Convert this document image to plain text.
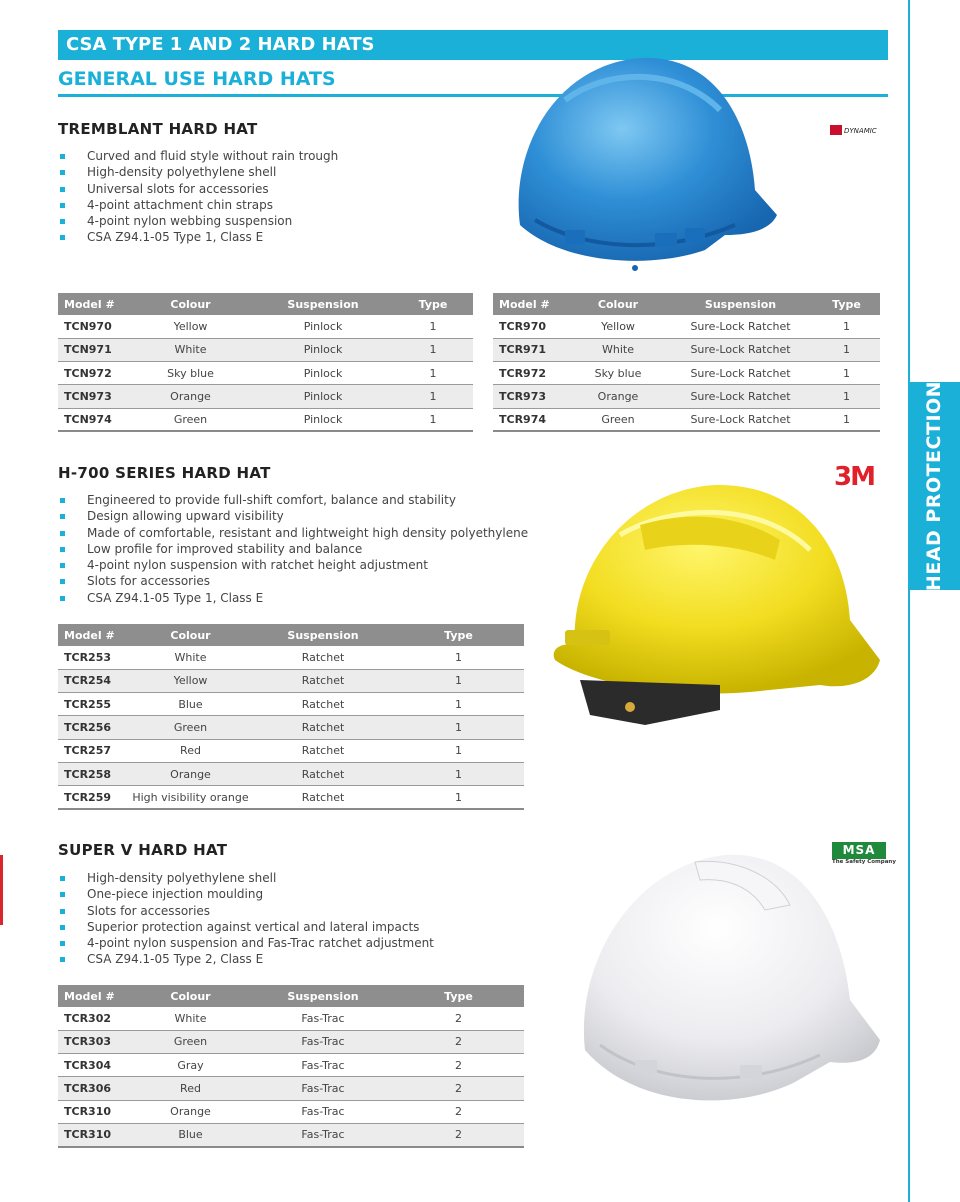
HEAD PROTECTION
CSA TYPE 1 AND 2 HARD HATS
GENERAL USE HARD HATS
TREMBLANT HARD HAT
Curved and fluid style without rain trough
High-density polyethylene shell
Universal slots for accessories
4-point attachment chin straps
4-point nylon webbing suspension
CSA Z94.1-05 Type 1, Class E
DYNAMIC
Model #	Colour	Suspension	Type
TCN970	Yellow	Pinlock	1
TCN971	White	Pinlock	1
TCN972	Sky blue	Pinlock	1
TCN973	Orange	Pinlock	1
TCN974	Green	Pinlock	1
Model #	Colour	Suspension	Type
TCR970	Yellow	Sure-Lock Ratchet	1
TCR971	White	Sure-Lock Ratchet	1
TCR972	Sky blue	Sure-Lock Ratchet	1
TCR973	Orange	Sure-Lock Ratchet	1
TCR974	Green	Sure-Lock Ratchet	1
H-700 SERIES HARD HAT	3M
Engineered to provide full-shift comfort, balance and stability
Design allowing upward visibility
Made of comfortable, resistant and lightweight high density polyethylene
Low profile for improved stability and balance
4-point nylon suspension with ratchet height adjustment
Slots for accessories
CSA Z94.1-05 Type 1, Class E
Model #	Colour	Suspension	Type
TCR253	White	Ratchet	1
TCR254	Yellow	Ratchet	1
TCR255	Blue	Ratchet	1
TCR256	Green	Ratchet	1
TCR257	Red	Ratchet	1
TCR258	Orange	Ratchet	1
TCR259	High visibility orange	Ratchet	1
SUPER V HARD HAT	MSA
The Safety Company
High-density polyethylene shell
One-piece injection moulding
Slots for accessories
Superior protection against vertical and lateral impacts
4-point nylon suspension and Fas-Trac ratchet adjustment
CSA Z94.1-05 Type 2, Class E
Model #	Colour	Suspension	Type
TCR302	White	Fas-Trac	2
TCR303	Green	Fas-Trac	2
TCR304	Gray	Fas-Trac	2
TCR306	Red	Fas-Trac	2
TCR310	Orange	Fas-Trac	2
TCR310	Blue	Fas-Trac	2
